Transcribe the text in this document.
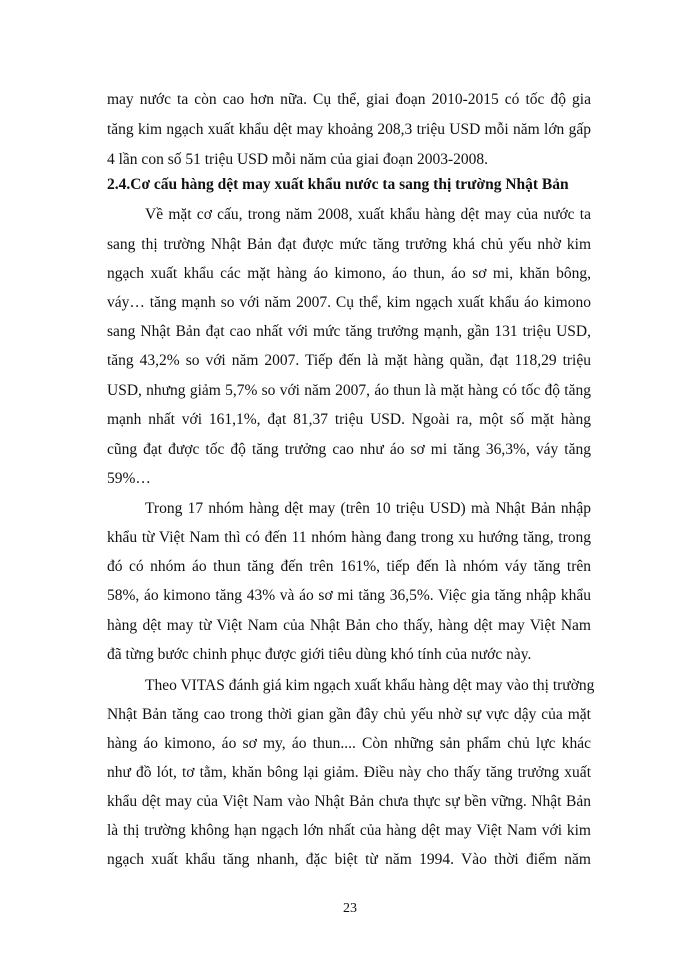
may nước ta còn cao hơn nữa. Cụ thể, giai đoạn 2010-2015 có tốc độ gia
tăng kim ngạch xuất khẩu dệt may khoảng 208,3 triệu USD mỗi năm lớn gấp
4 lần con số 51 triệu USD mỗi năm của giai đoạn 2003-2008.
2.4.Cơ cấu hàng dệt may xuất khẩu nước ta sang thị trường Nhật Bản
Về mặt cơ cấu, trong năm 2008, xuất khẩu hàng dệt may của nước ta
sang thị trường Nhật Bản đạt được mức tăng trưởng khá chủ yếu nhờ kim
ngạch xuất khẩu các mặt hàng áo kimono, áo thun, áo sơ mi, khăn bông,
váy… tăng mạnh so với năm 2007. Cụ thể, kim ngạch xuất khẩu áo kimono
sang Nhật Bản đạt cao nhất với mức tăng trưởng mạnh, gần 131 triệu USD,
tăng 43,2% so với năm 2007. Tiếp đến là mặt hàng quần, đạt 118,29 triệu
USD, nhưng giảm 5,7% so với năm 2007, áo thun là mặt hàng có tốc độ tăng
mạnh nhất với 161,1%, đạt 81,37 triệu USD. Ngoài ra, một số mặt hàng
cũng đạt được tốc độ tăng trưởng cao như áo sơ mi tăng 36,3%, váy tăng
59%…
Trong 17 nhóm hàng dệt may (trên 10 triệu USD) mà Nhật Bản nhập
khẩu từ Việt Nam thì có đến 11 nhóm hàng đang trong xu hướng tăng, trong
đó có nhóm áo thun tăng đến trên 161%, tiếp đến là nhóm váy tăng trên
58%, áo kimono tăng 43% và áo sơ mi tăng 36,5%. Việc gia tăng nhập khẩu
hàng dệt may từ Việt Nam của Nhật Bản cho thấy, hàng dệt may Việt Nam
đã từng bước chinh phục được giới tiêu dùng khó tính của nước này.
Theo VITAS đánh giá kim ngạch xuất khẩu hàng dệt may vào thị trường
Nhật Bản tăng cao trong thời gian gần đây chủ yếu nhờ sự vực dậy của mặt
hàng áo kimono, áo sơ my, áo thun.... Còn những sản phẩm chủ lực khác
như đồ lót, tơ tằm, khăn bông lại giảm. Điều này cho thấy tăng trưởng xuất
khẩu dệt may của Việt Nam vào Nhật Bản chưa thực sự bền vững. Nhật Bản
là thị trường không hạn ngạch lớn nhất của hàng dệt may Việt Nam với kim
ngạch xuất khẩu tăng nhanh, đặc biệt từ năm 1994. Vào thời điểm năm
23
